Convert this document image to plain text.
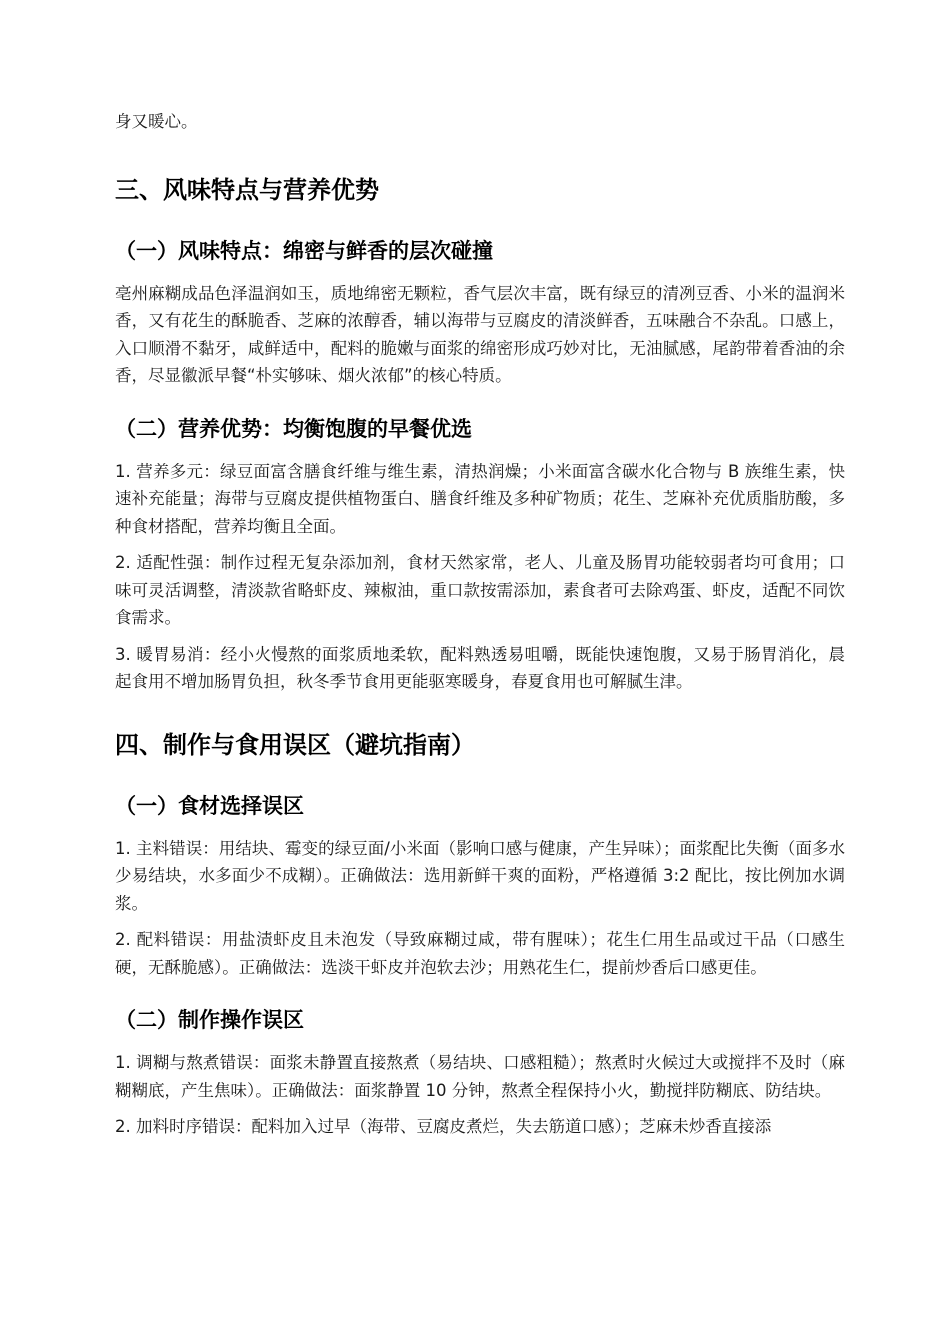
身又暖心。

三、风味特点与营养优势
（一）风味特点：绵密与鲜香的层次碰撞

亳州麻糊成品色泽温润如玉，质地绵密无颗粒，香气层次丰富，既有绿豆的清冽豆香、小米的温润米香，又有花生的酥脆香、芝麻的浓醇香，辅以海带与豆腐皮的清淡鲜香，五味融合不杂乱。口感上，入口顺滑不黏牙，咸鲜适中，配料的脆嫩与面浆的绵密形成巧妙对比，无油腻感，尾韵带着香油的余香，尽显徽派早餐“朴实够味、烟火浓郁”的核心特质。

（二）营养优势：均衡饱腹的早餐优选

1. 营养多元：绿豆面富含膳食纤维与维生素，清热润燥；小米面富含碳水化合物与 B 族维生素，快速补充能量；海带与豆腐皮提供植物蛋白、膳食纤维及多种矿物质；花生、芝麻补充优质脂肪酸，多种食材搭配，营养均衡且全面。

2. 适配性强：制作过程无复杂添加剂，食材天然家常，老人、儿童及肠胃功能较弱者均可食用；口味可灵活调整，清淡款省略虾皮、辣椒油，重口款按需添加，素食者可去除鸡蛋、虾皮，适配不同饮食需求。

3. 暖胃易消：经小火慢熬的面浆质地柔软，配料熟透易咀嚼，既能快速饱腹，又易于肠胃消化，晨起食用不增加肠胃负担，秋冬季节食用更能驱寒暖身，春夏食用也可解腻生津。

四、制作与食用误区（避坑指南）
（一）食材选择误区

1. 主料错误：用结块、霉变的绿豆面/小米面（影响口感与健康，产生异味）；面浆配比失衡（面多水少易结块，水多面少不成糊）。正确做法：选用新鲜干爽的面粉，严格遵循 3:2 配比，按比例加水调浆。

2. 配料错误：用盐渍虾皮且未泡发（导致麻糊过咸，带有腥味）；花生仁用生品或过干品（口感生硬，无酥脆感）。正确做法：选淡干虾皮并泡软去沙；用熟花生仁，提前炒香后口感更佳。

（二）制作操作误区

1. 调糊与熬煮错误：面浆未静置直接熬煮（易结块、口感粗糙）；熬煮时火候过大或搅拌不及时（麻糊糊底，产生焦味）。正确做法：面浆静置 10 分钟，熬煮全程保持小火，勤搅拌防糊底、防结块。

2. 加料时序错误：配料加入过早（海带、豆腐皮煮烂，失去筋道口感）；芝麻未炒香直接添
